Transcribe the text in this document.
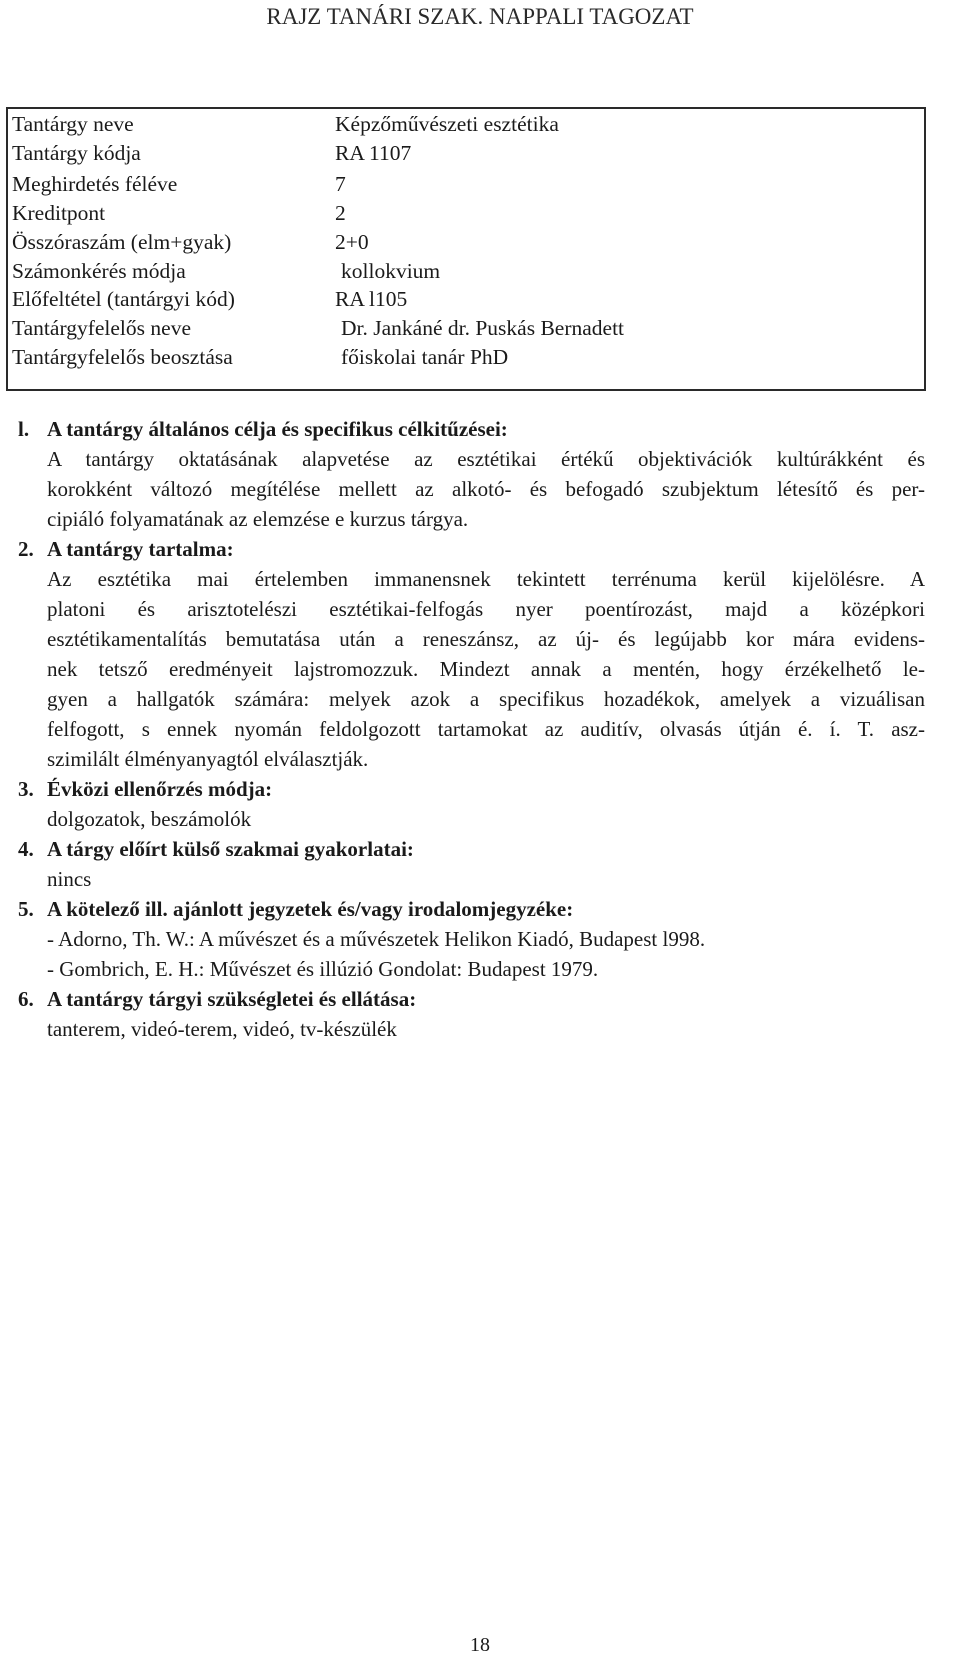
RAJZ TANÁRI SZAK. NAPPALI TAGOZAT
Tantárgy neve	Képzőművészeti esztétika
Tantárgy kódja	RA 1107
Meghirdetés féléve	7
Kreditpont	2
Összóraszám (elm+gyak)	2+0
Számonkérés módja	kollokvium
Előfeltétel (tantárgyi kód)	RA l105
Tantárgyfelelős neve	Dr. Jankáné dr. Puskás Bernadett
Tantárgyfelelős beosztása	főiskolai tanár PhD
l. A tantárgy általános célja és specifikus célkitűzései:
A tantárgy oktatásának alapvetése az esztétikai értékű objektivációk kultúrákként és
korokként változó megítélése mellett az alkotó- és befogadó szubjektum létesítő és per-
cipiáló folyamatának az elemzése e kurzus tárgya.
2. A tantárgy tartalma:
Az esztétika mai értelemben immanensnek tekintett terrénuma kerül kijelölésre. A
platoni és arisztotelészi esztétikai-felfogás nyer poentírozást, majd a középkori
esztétikamentalítás bemutatása után a reneszánsz, az új- és legújabb kor mára evidens-
nek tetsző eredményeit lajstromozzuk. Mindezt annak a mentén, hogy érzékelhető le-
gyen a hallgatók számára: melyek azok a specifikus hozadékok, amelyek a vizuálisan
felfogott, s ennek nyomán feldolgozott tartamokat az auditív, olvasás útján é. í. T. asz-
szimilált élményanyagtól elválasztják.
3. Évközi ellenőrzés módja:
dolgozatok, beszámolók
4. A tárgy előírt külső szakmai gyakorlatai:
nincs
5. A kötelező ill. ajánlott jegyzetek és/vagy irodalomjegyzéke:
- Adorno, Th. W.: A művészet és a művészetek Helikon Kiadó, Budapest l998.
- Gombrich, E. H.: Művészet és illúzió Gondolat: Budapest 1979.
6. A tantárgy tárgyi szükségletei és ellátása:
tanterem, videó-terem, videó, tv-készülék
18
